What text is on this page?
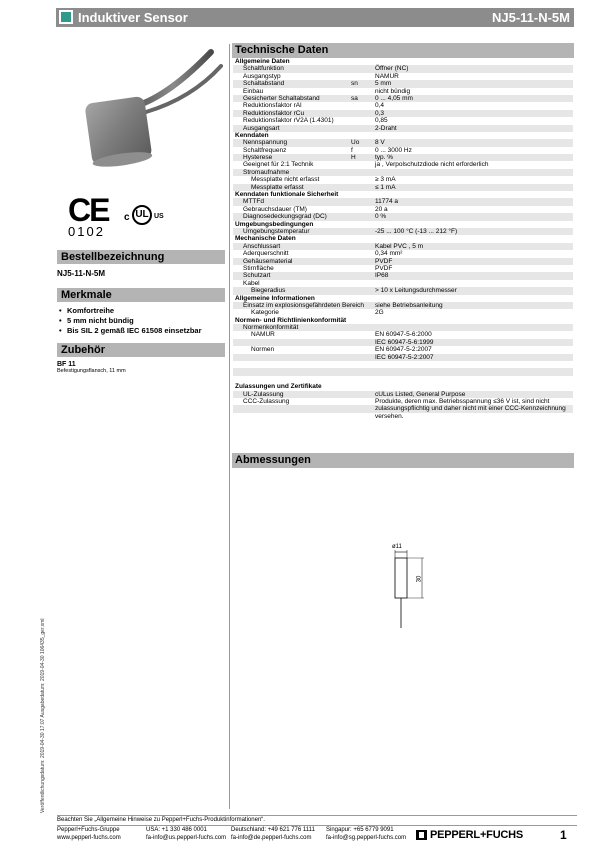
Induktiver Sensor	NJ5-11-N-5M
CE
0102
c UL US
Bestellbezeichnung
NJ5-11-N-5M
Merkmale
• Komfortreihe
• 5 mm nicht bündig
• Bis SIL 2 gemäß IEC 61508 einsetzbar
Zubehör
BF 11
Befestigungsflansch, 11 mm
Technische Daten
Allgemeine Daten
Schaltfunktion	Öffner (NC)
Ausgangstyp	NAMUR
Schaltabstand	sn	5 mm
Einbau	nicht bündig
Gesicherter Schaltabstand	sa	0 ... 4,05 mm
Reduktionsfaktor rAl	0,4
Reduktionsfaktor rCu	0,3
Reduktionsfaktor rV2A (1.4301)	0,85
Ausgangsart	2-Draht
Kenndaten
Nennspannung	Uo 8 V
Schaltfrequenz	f	0 ... 3000 Hz
Hysterese	H	typ. %
Geeignet für 2:1 Technik	ja , Verpolschutzdiode nicht erforderlich
Stromaufnahme
Messplatte nicht erfasst	≥ 3 mA
Messplatte erfasst	≤ 1 mA
Kenndaten funktionale Sicherheit
MTTFd	11774 a
Gebrauchsdauer (TM)	20 a
Diagnosedeckungsgrad (DC)	0 %
Umgebungsbedingungen
Umgebungstemperatur	-25 ... 100 °C (-13 ... 212 °F)
Mechanische Daten
Anschlussart	Kabel PVC , 5 m
Aderquerschnitt	0,34 mm²
Gehäusematerial	PVDF
Stirnfläche	PVDF
Schutzart	IP68
Kabel
Biegeradius	> 10 x Leitungsdurchmesser
Allgemeine Informationen
Einsatz im explosionsgefährdeten Bereich siehe Betriebsanleitung
Kategorie	2G
Normen- und Richtlinienkonformität
Normenkonformität
NAMUR	EN 60947-5-6:2000
IEC 60947-5-6:1999
Normen	EN 60947-5-2:2007
IEC 60947-5-2:2007
Zulassungen und Zertifikate
UL-Zulassung	cULus Listed, General Purpose
CCC-Zulassung	Produkte, deren max. Betriebsspannung ≤36 V ist, sind nicht
zulassungspflichtig und daher nicht mit einer CCC-Kennzeichnung
versehen.
Abmessungen
ø11
30
Veröffentlichungsdatum: 2019-04-30 17:07 Ausgabedatum: 2019-04-30 106435_ger.xml
Beachten Sie „Allgemeine Hinweise zu Pepperl+Fuchs-Produktinformationen“.
Pepperl+Fuchs-Gruppe
www.pepperl-fuchs.com
USA: +1 330 486 0001
fa-info@us.pepperl-fuchs.com
Deutschland: +49 621 776 1111
fa-info@de.pepperl-fuchs.com
Singapur: +65 6779 9091
fa-info@sg.pepperl-fuchs.com PEPPERL+FUCHS	1
